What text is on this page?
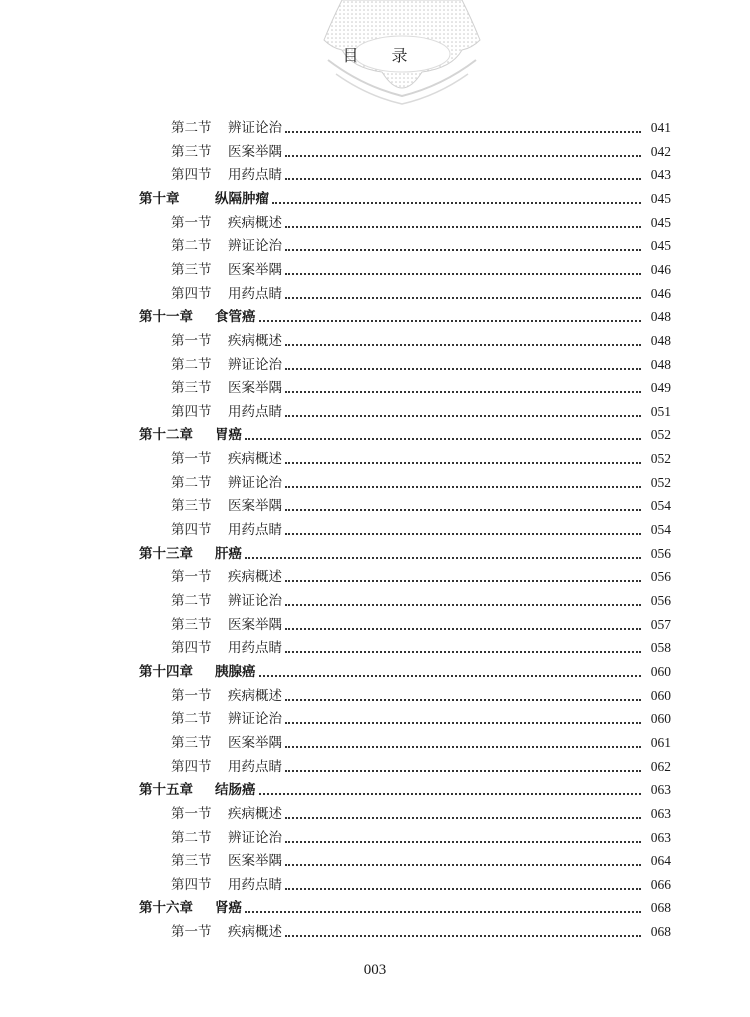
目 录
第二节	辨证论治	041
第三节	医案举隅	042
第四节	用药点睛	043
第十章	纵隔肿瘤	045
第一节	疾病概述	045
第二节	辨证论治	045
第三节	医案举隅	046
第四节	用药点睛	046
第十一章	食管癌	048
第一节	疾病概述	048
第二节	辨证论治	048
第三节	医案举隅	049
第四节	用药点睛	051
第十二章	胃癌	052
第一节	疾病概述	052
第二节	辨证论治	052
第三节	医案举隅	054
第四节	用药点睛	054
第十三章	肝癌	056
第一节	疾病概述	056
第二节	辨证论治	056
第三节	医案举隅	057
第四节	用药点睛	058
第十四章	胰腺癌	060
第一节	疾病概述	060
第二节	辨证论治	060
第三节	医案举隅	061
第四节	用药点睛	062
第十五章	结肠癌	063
第一节	疾病概述	063
第二节	辨证论治	063
第三节	医案举隅	064
第四节	用药点睛	066
第十六章	肾癌	068
第一节	疾病概述	068
003
